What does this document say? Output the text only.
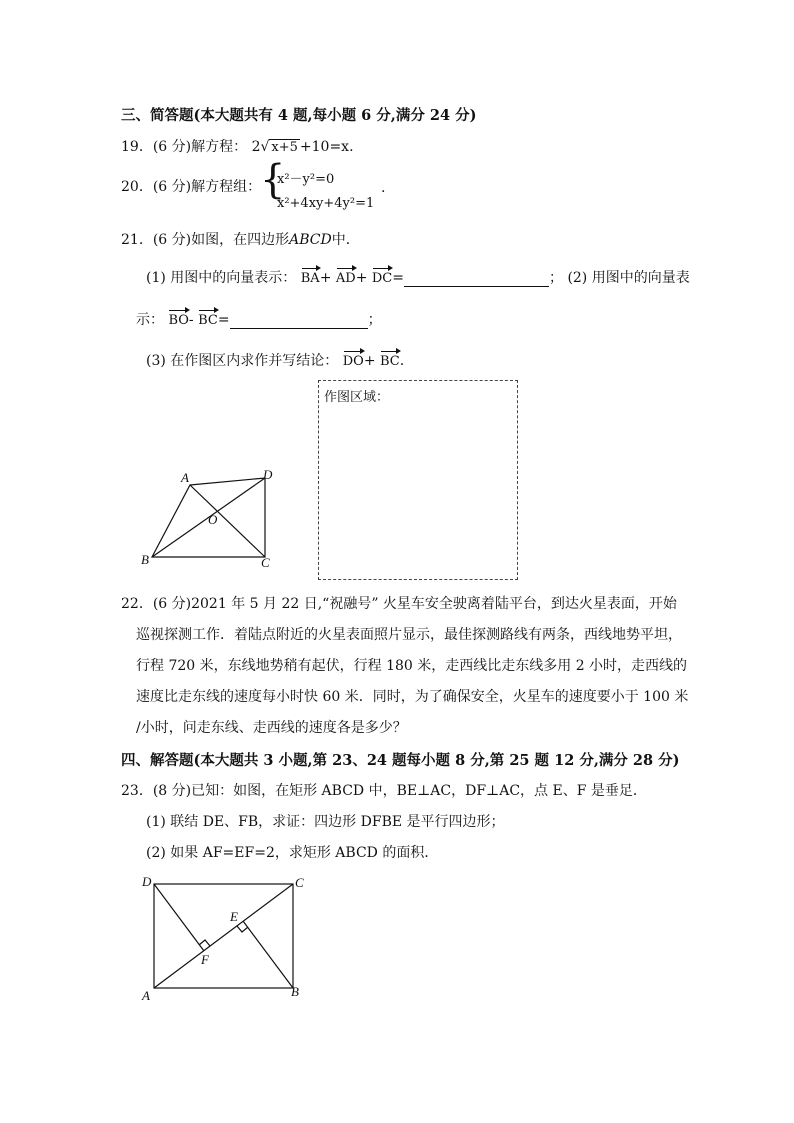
三、简答题(本大题共有 4 题,每小题 6 分,满分 24 分)
19．(6 分)解方程： 2√ x+5 +10=x.
20．(6 分)解方程组：
{
x²－y²=0
x²+4xy+4y²=1
.
21．(6 分)如图，在四边形ABCD中．
(1) 用图中的向量表示： BA+ AD+ DC=	； (2) 用图中的向量表
示： BO- BC=	；
(3) 在作图区内求作并写结论： DO+ BC.
A	D
O
B	C
作图区域：
22．(6 分)2021 年 5 月 22 日,“祝融号” 火星车安全驶离着陆平台，到达火星表面，开始
巡视探测工作．着陆点附近的火星表面照片显示，最佳探测路线有两条，西线地势平坦，
行程 720 米，东线地势稍有起伏，行程 180 米，走西线比走东线多用 2 小时，走西线的
速度比走东线的速度每小时快 60 米．同时，为了确保安全，火星车的速度要小于 100 米
/小时，问走东线、走西线的速度各是多少？
四、解答题(本大题共 3 小题,第 23、24 题每小题 8 分,第 25 题 12 分,满分 28 分)
23．(8 分)已知：如图，在矩形 ABCD 中，BE⊥AC，DF⊥AC，点 E、F 是垂足．
(1) 联结 DE、FB，求证：四边形 DFBE 是平行四边形；
(2) 如果 AF=EF=2，求矩形 ABCD 的面积．
D	C
A	B
E
F
